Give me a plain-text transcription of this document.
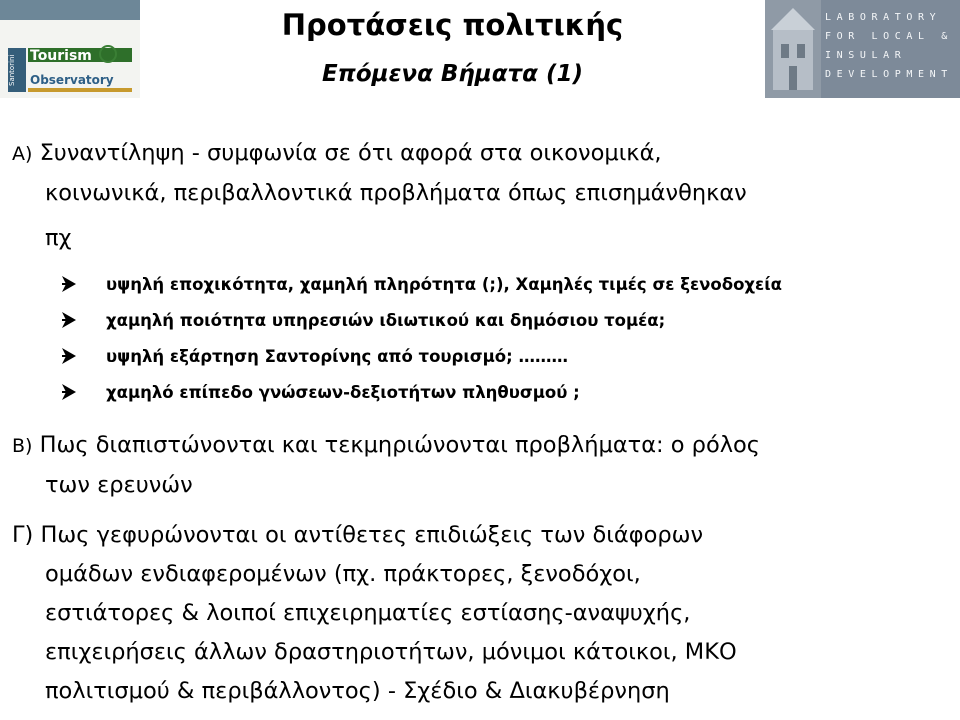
Santorini Tourism
Observatory
Προτάσεις πολιτικής
Επόμενα Βήματα (1)
LABORATORY
FOR LOCAL &
INSULAR
DEVELOPMENT
A) Συναντίληψη - συμφωνία σε ότι αφορά στα οικονομικά,
κοινωνικά, περιβαλλοντικά προβλήματα όπως επισημάνθηκαν
πχ
υψηλή εποχικότητα, χαμηλή πληρότητα (;), Χαμηλές τιμές σε ξενοδοχεία
χαμηλή ποιότητα υπηρεσιών ιδιωτικού και δημόσιου τομέα;
υψηλή εξάρτηση Σαντορίνης από τουρισμό; ………
χαμηλό επίπεδο γνώσεων-δεξιοτήτων πληθυσμού ;
B) Πως διαπιστώνονται και τεκμηριώνονται προβλήματα: ο ρόλος
των ερευνών
Γ) Πως γεφυρώνονται οι αντίθετες επιδιώξεις των διάφορων
ομάδων ενδιαφερομένων (πχ. πράκτορες, ξενοδόχοι,
εστιάτορες & λοιποί επιχειρηματίες εστίασης-αναψυχής,
επιχειρήσεις άλλων δραστηριοτήτων, μόνιμοι κάτοικοι, ΜΚΟ
πολιτισμού & περιβάλλοντος) - Σχέδιο & Διακυβέρνηση
